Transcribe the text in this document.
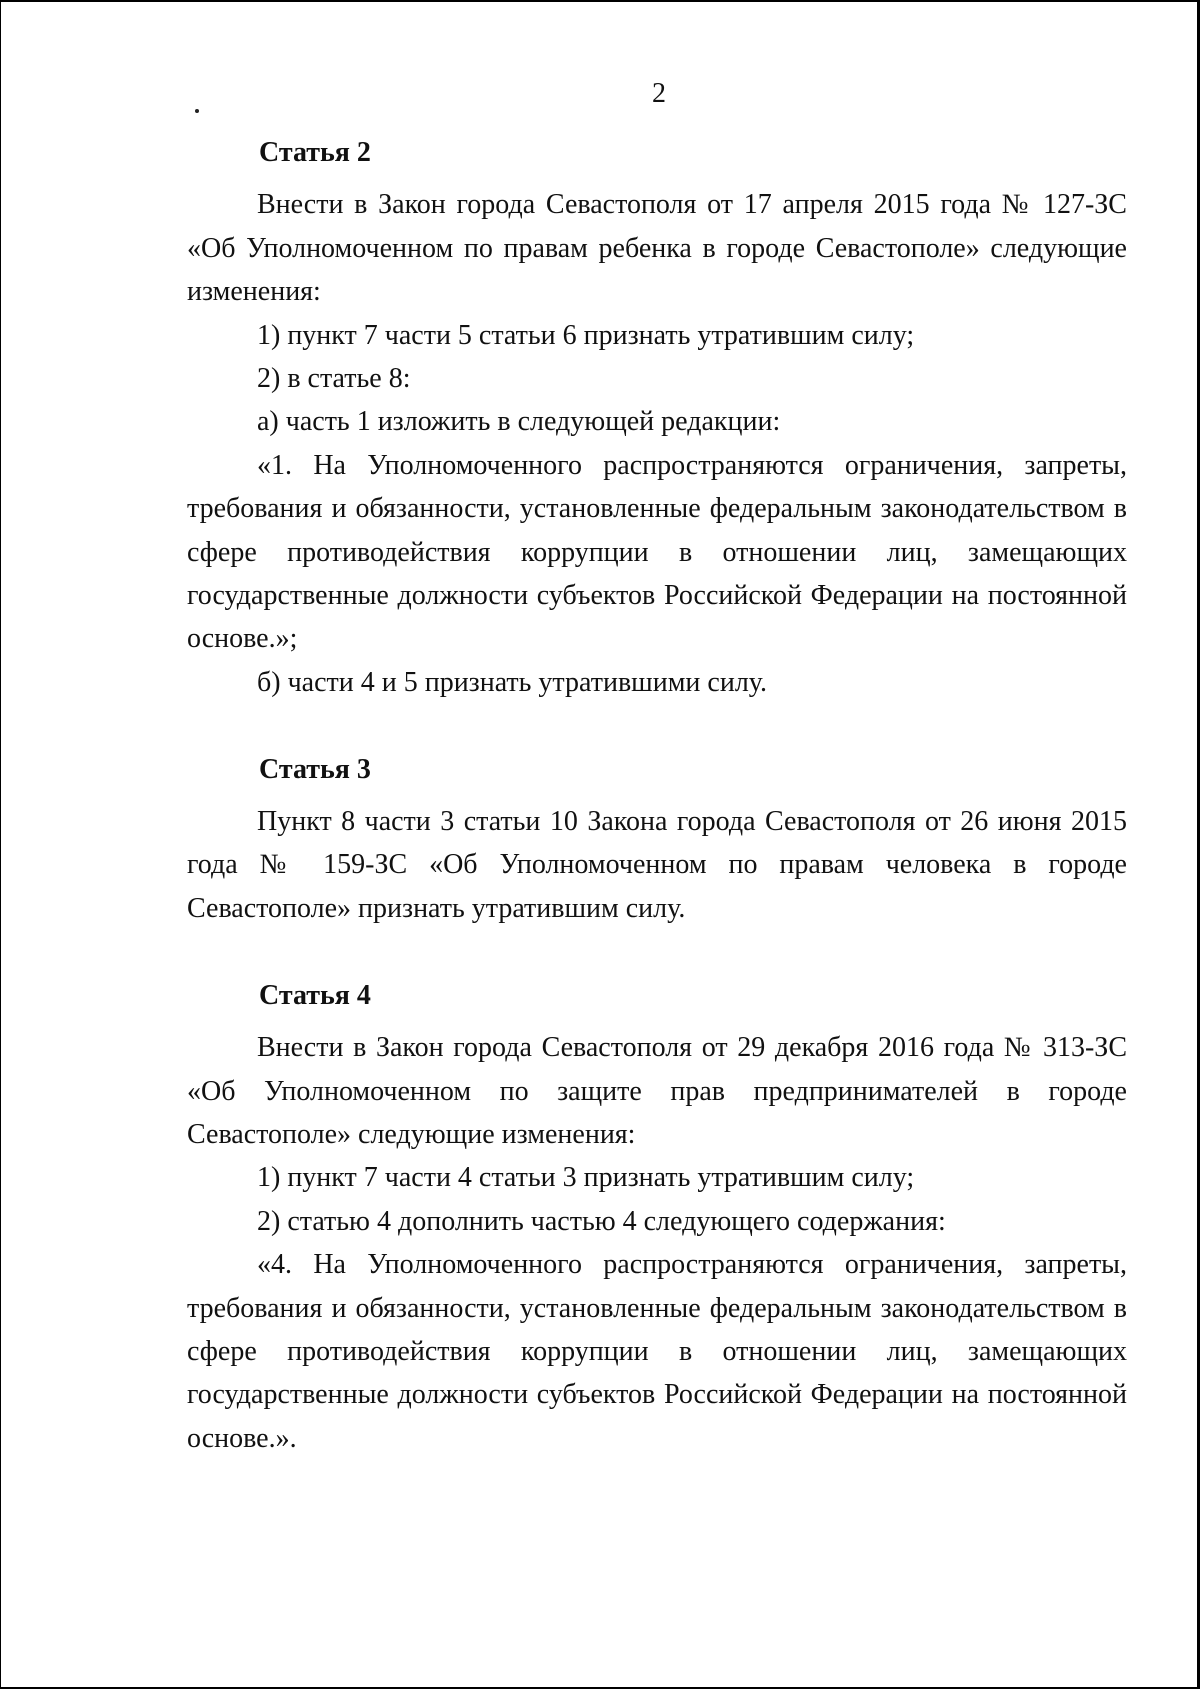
2
Статья 2

Внести в Закон города Севастополя от 17 апреля 2015 года № 127-ЗС «Об Уполномоченном по правам ребенка в городе Севастополе» следующие изменения:

1) пункт 7 части 5 статьи 6 признать утратившим силу;

2) в статье 8:

а) часть 1 изложить в следующей редакции:

«1. На Уполномоченного распространяются ограничения, запреты, требования и обязанности, установленные федеральным законодательством в сфере противодействия коррупции в отношении лиц, замещающих государственные должности субъектов Российской Федерации на постоянной основе.»;

б) части 4 и 5 признать утратившими силу.

Статья 3

Пункт 8 части 3 статьи 10 Закона города Севастополя от 26 июня 2015 года № 159-ЗС «Об Уполномоченном по правам человека в городе Севастополе» признать утратившим силу.

Статья 4

Внести в Закон города Севастополя от 29 декабря 2016 года № 313-ЗС «Об Уполномоченном по защите прав предпринимателей в городе Севастополе» следующие изменения:

1) пункт 7 части 4 статьи 3 признать утратившим силу;

2) статью 4 дополнить частью 4 следующего содержания:

«4. На Уполномоченного распространяются ограничения, запреты, требования и обязанности, установленные федеральным законодательством в сфере противодействия коррупции в отношении лиц, замещающих государственные должности субъектов Российской Федерации на постоянной основе.».
